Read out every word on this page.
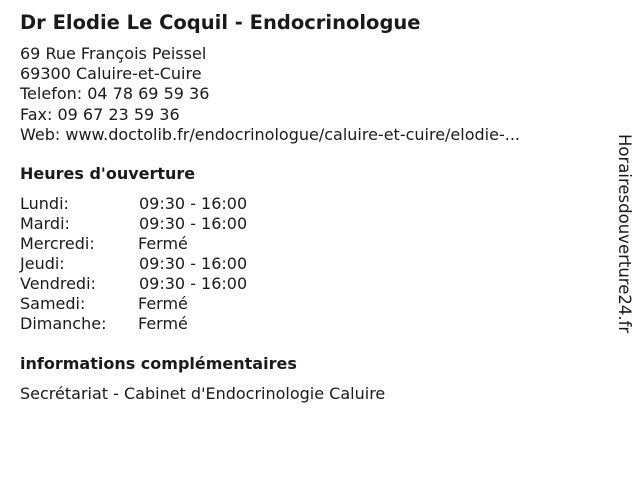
Dr Elodie Le Coquil - Endocrinologue
69 Rue François Peissel
69300 Caluire-et-Cuire
Telefon: 04 78 69 59 36
Fax: 09 67 23 59 36
Web: www.doctolib.fr/endocrinologue/caluire-et-cuire/elodie-...
Heures d'ouverture
Lundi:	09:30 - 16:00
Mardi:	09:30 - 16:00
Mercredi:	Fermé
Jeudi:	09:30 - 16:00
Vendredi:	09:30 - 16:00
Samedi:	Fermé
Dimanche: Fermé
informations complémentaires
Secrétariat - Cabinet d'Endocrinologie Caluire
Horairesdouverture24.fr
